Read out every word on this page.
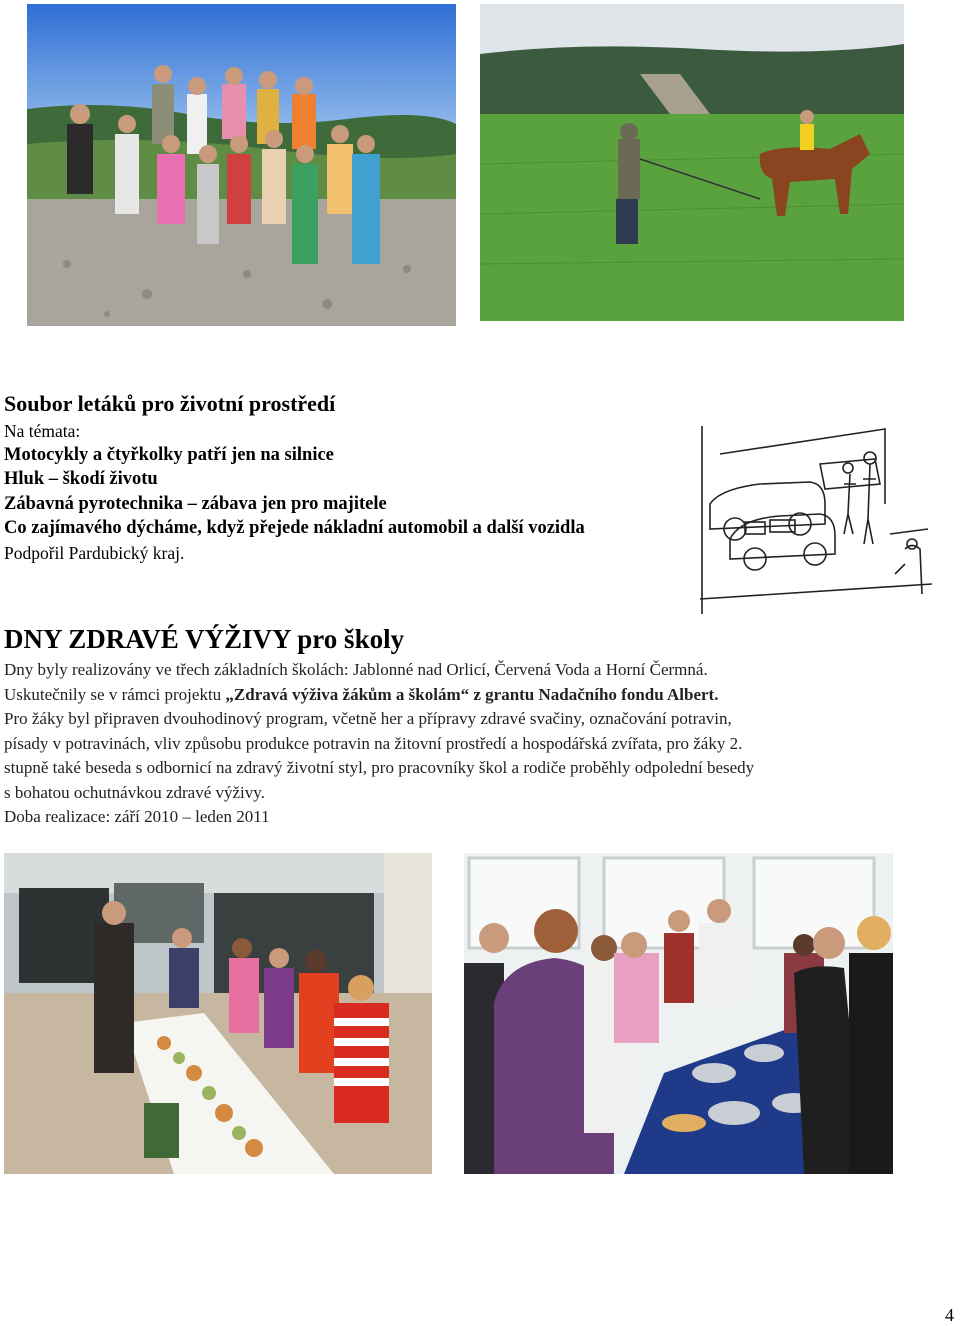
Soubor letáků pro životní prostředí
Na témata:
Motocykly a čtyřkolky patří jen na silnice
Hluk – škodí životu
Zábavná pyrotechnika – zábava jen pro majitele
Co zajímavého dýcháme, když přejede nákladní automobil a další vozidla
Podpořil Pardubický kraj.
DNY ZDRAVÉ VÝŽIVY pro školy

Dny byly realizovány ve třech základních školách: Jablonné nad Orlicí, Červená Voda a Horní Čermná.

Uskutečnily se v rámci projektu „Zdravá výživa žákům a školám“ z grantu Nadačního fondu Albert.

Pro žáky byl připraven dvouhodinový program, včetně her a přípravy zdravé svačiny, označování potravin,

písady v potravinách, vliv způsobu produkce potravin na žitovní prostředí a hospodářská zvířata, pro žáky 2.

stupně také beseda s odbornicí na zdravý životní styl, pro pracovníky škol a rodiče proběhly odpolední besedy

s bohatou ochutnávkou zdravé výživy.

Doba realizace: září 2010 – leden 2011

4
